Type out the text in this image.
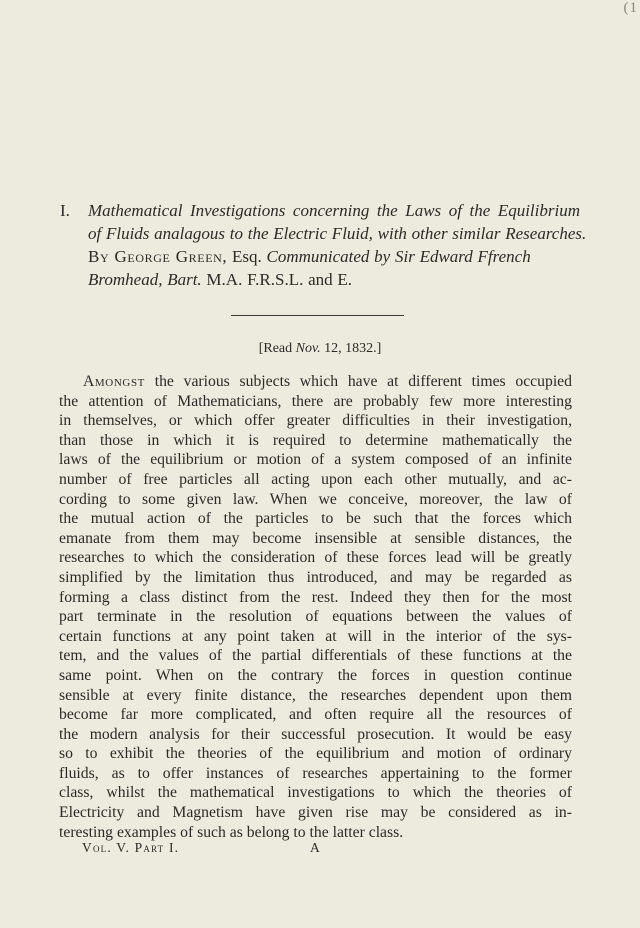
(1
I. Mathematical Investigations concerning the Laws of the Equilibrium
of Fluids analagous to the Electric Fluid, with other similar Researches.
By George Green, Esq. Communicated by Sir Edward Ffrench
Bromhead, Bart. M.A. F.R.S.L. and E.
[Read Nov. 12, 1832.]
Amongst the various subjects which have at different times occupied
the attention of Mathematicians, there are probably few more interesting
in themselves, or which offer greater difficulties in their investigation,
than those in which it is required to determine mathematically the
laws of the equilibrium or motion of a system composed of an infinite
number of free particles all acting upon each other mutually, and ac-
cording to some given law. When we conceive, moreover, the law of
the mutual action of the particles to be such that the forces which
emanate from them may become insensible at sensible distances, the
researches to which the consideration of these forces lead will be greatly
simplified by the limitation thus introduced, and may be regarded as
forming a class distinct from the rest. Indeed they then for the most
part terminate in the resolution of equations between the values of
certain functions at any point taken at will in the interior of the sys-
tem, and the values of the partial differentials of these functions at the
same point. When on the contrary the forces in question continue
sensible at every finite distance, the researches dependent upon them
become far more complicated, and often require all the resources of
the modern analysis for their successful prosecution. It would be easy
so to exhibit the theories of the equilibrium and motion of ordinary
fluids, as to offer instances of researches appertaining to the former
class, whilst the mathematical investigations to which the theories of
Electricity and Magnetism have given rise may be considered as in-
teresting examples of such as belong to the latter class.
Vol. V. Part I.	A
